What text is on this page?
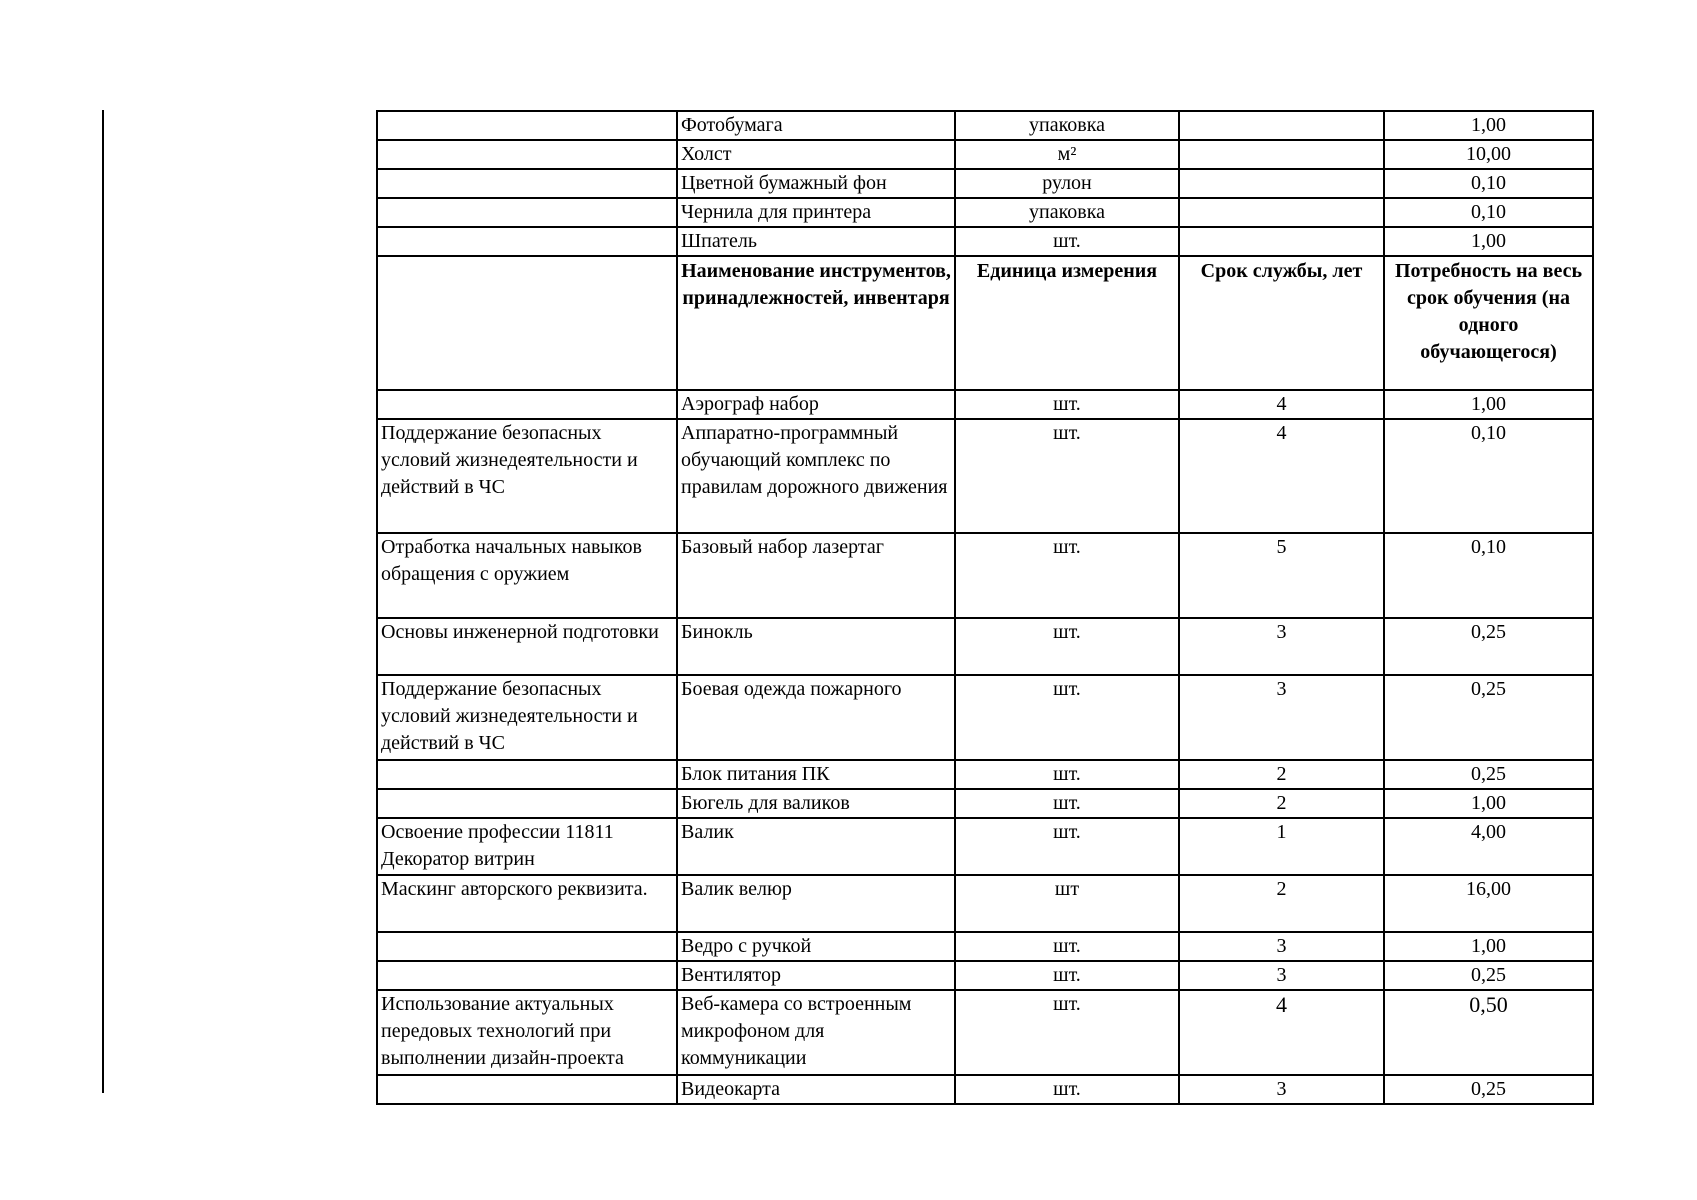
	Фотобумага	упаковка		1,00
	Холст	м²		10,00
	Цветной бумажный фон	рулон		0,10
	Чернила для принтера	упаковка		0,10
	Шпатель	шт.		1,00
	Наименование инструментов, принадлежностей, инвентаря	Единица измерения	Срок службы, лет	Потребность на весь срок обучения (на одного обучающегося)
	Аэрограф набор	шт.	4	1,00
Поддержание безопасных условий жизнедеятельности и действий в ЧС	Аппаратно-программный обучающий комплекс по правилам дорожного движения	шт.	4	0,10
Отработка начальных навыков обращения с оружием	Базовый набор лазертаг	шт.	5	0,10
Основы инженерной подготовки	Бинокль	шт.	3	0,25
Поддержание безопасных условий жизнедеятельности и действий в ЧС	Боевая одежда пожарного	шт.	3	0,25
	Блок питания ПК	шт.	2	0,25
	Бюгель для валиков	шт.	2	1,00
Освоение профессии 11811 Декоратор витрин	Валик	шт.	1	4,00
Маскинг авторского реквизита.	Валик велюр	шт	2	16,00
	Ведро с ручкой	шт.	3	1,00
	Вентилятор	шт.	3	0,25
Использование актуальных передовых технологий при выполнении дизайн-проекта	Веб-камера со встроенным микрофоном для коммуникации	шт.	4	0,50
	Видеокарта	шт.	3	0,25
